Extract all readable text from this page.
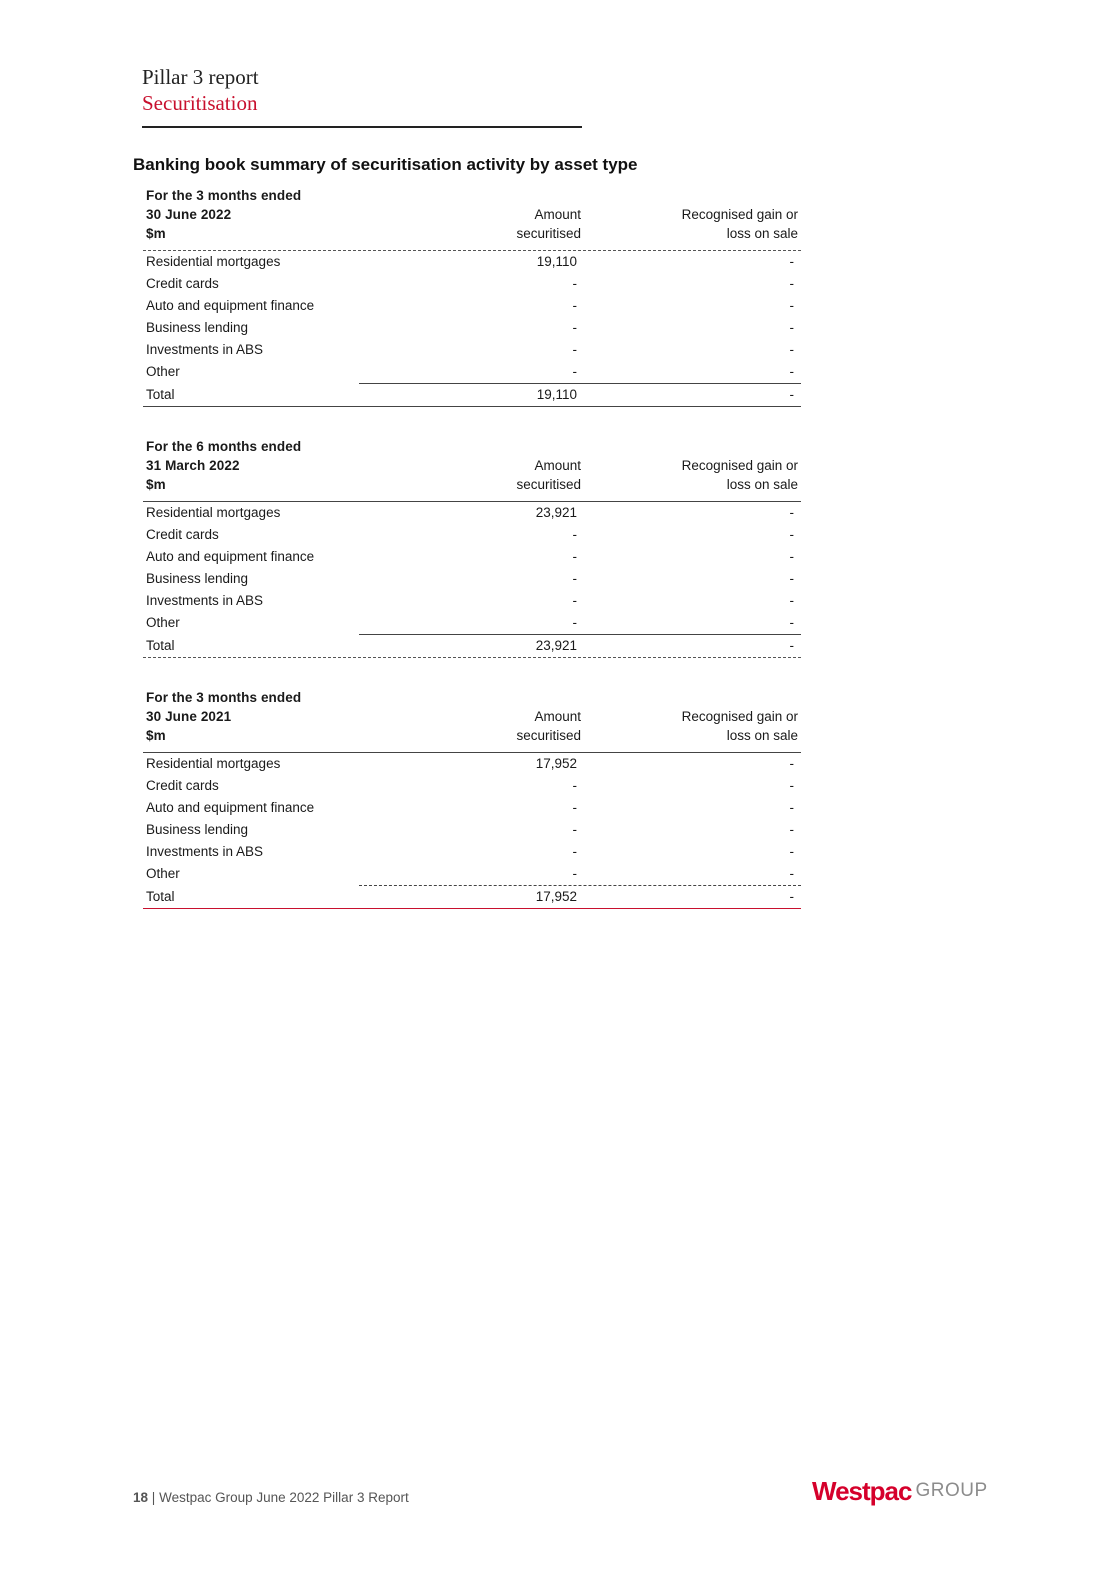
Pillar 3 report
Securitisation
Banking book summary of securitisation activity by asset type
For the 3 months ended
30 June 2022
$m
Amount
securitised
Recognised gain or
loss on sale
Residential mortgages	19,110	-
Credit cards	-	-
Auto and equipment finance	-	-
Business lending	-	-
Investments in ABS	-	-
Other	-	-
Total	19,110	-
For the 6 months ended
31 March 2022
$m
Amount
securitised
Recognised gain or
loss on sale
Residential mortgages	23,921	-
Credit cards	-	-
Auto and equipment finance	-	-
Business lending	-	-
Investments in ABS	-	-
Other	-	-
Total	23,921	-
For the 3 months ended
30 June 2021
$m
Amount
securitised
Recognised gain or
loss on sale
Residential mortgages	17,952	-
Credit cards	-	-
Auto and equipment finance	-	-
Business lending	-	-
Investments in ABS	-	-
Other	-	-
Total	17,952	-
18 | Westpac Group June 2022 Pillar 3 Report	Westpac GROUP
